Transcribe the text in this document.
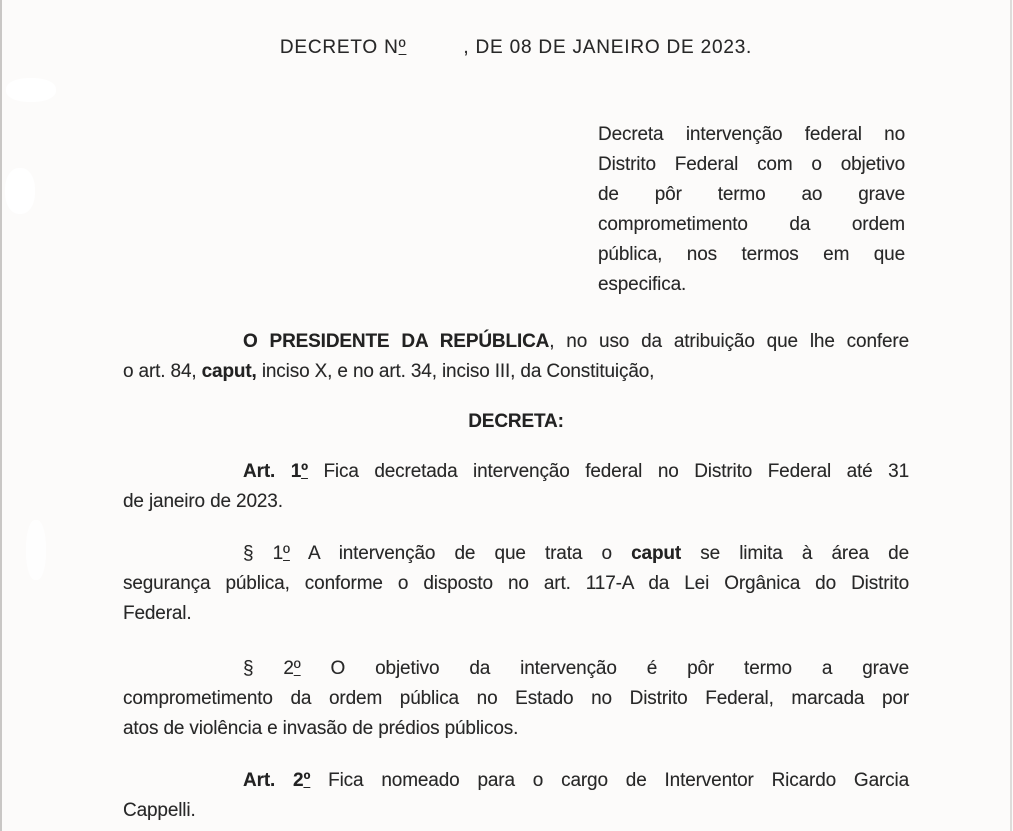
DECRETO Nº	, DE 08 DE JANEIRO DE 2023.
Decreta intervenção federal no
Distrito Federal com o objetivo
de pôr termo ao grave
comprometimento da ordem
pública, nos termos em que
especifica.
O PRESIDENTE DA REPÚBLICA, no uso da atribuição que lhe confere
o art. 84, caput, inciso X, e no art. 34, inciso III, da Constituição,
DECRETA:
Art. 1º Fica decretada intervenção federal no Distrito Federal até 31
de janeiro de 2023.
§ 1º A intervenção de que trata o caput se limita à área de
segurança pública, conforme o disposto no art. 117-A da Lei Orgânica do Distrito
Federal.
§ 2º O objetivo da intervenção é pôr termo a grave
comprometimento da ordem pública no Estado no Distrito Federal, marcada por
atos de violência e invasão de prédios públicos.
Art. 2º Fica nomeado para o cargo de Interventor Ricardo Garcia
Cappelli.
